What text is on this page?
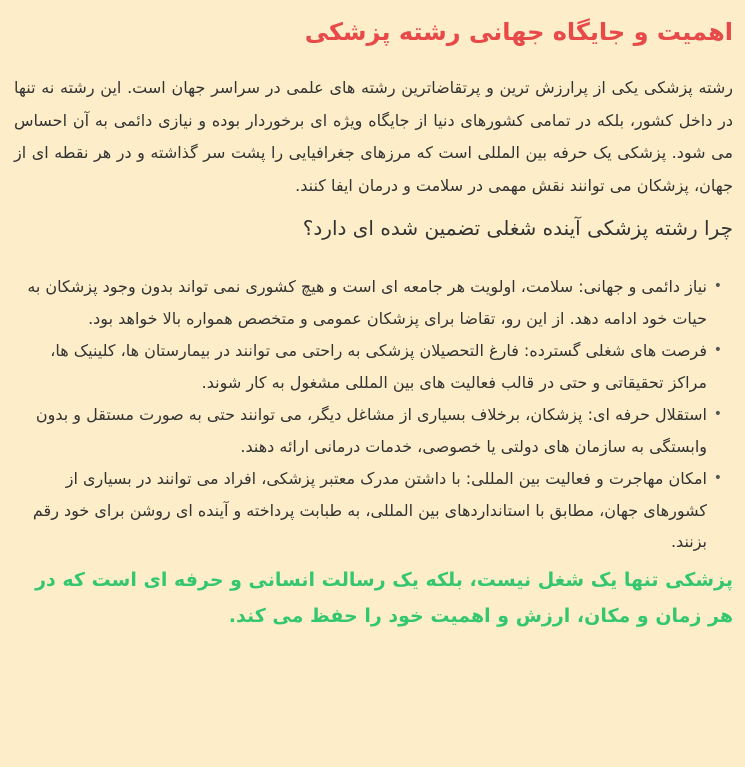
اهمیت و جایگاه جهانی رشته پزشکی

رشته پزشکی یکی از پرارزش ترین و پرتقاضاترین رشته های علمی در سراسر جهان است. این رشته نه تنها در داخل کشور، بلکه در تمامی کشورهای دنیا از جایگاه ویژه ای برخوردار بوده و نیازی دائمی به آن احساس می شود. پزشکی یک حرفه بین المللی است که مرزهای جغرافیایی را پشت سر گذاشته و در هر نقطه ای از جهان، پزشکان می توانند نقش مهمی در سلامت و درمان ایفا کنند.

چرا رشته پزشکی آینده شغلی تضمین شده ای دارد؟
•
نیاز دائمی و جهانی: سلامت، اولویت هر جامعه ای است و هیچ کشوری نمی تواند بدون وجود پزشکان به حیات خود ادامه دهد. از این رو، تقاضا برای پزشکان عمومی و متخصص همواره بالا خواهد بود.
•
فرصت های شغلی گسترده: فارغ التحصیلان پزشکی به راحتی می توانند در بیمارستان ها، کلینیک ها، مراکز تحقیقاتی و حتی در قالب فعالیت های بین المللی مشغول به کار شوند.
•
استقلال حرفه ای: پزشکان، برخلاف بسیاری از مشاغل دیگر، می توانند حتی به صورت مستقل و بدون وابستگی به سازمان های دولتی یا خصوصی، خدمات درمانی ارائه دهند.
•
امکان مهاجرت و فعالیت بین المللی: با داشتن مدرک معتبر پزشکی، افراد می توانند در بسیاری از کشورهای جهان، مطابق با استانداردهای بین المللی، به طبابت پرداخته و آینده ای روشن برای خود رقم بزنند.

پزشکی تنها یک شغل نیست، بلکه یک رسالت انسانی و حرفه ای است که در هر زمان و مکان، ارزش و اهمیت خود را حفظ می کند.
